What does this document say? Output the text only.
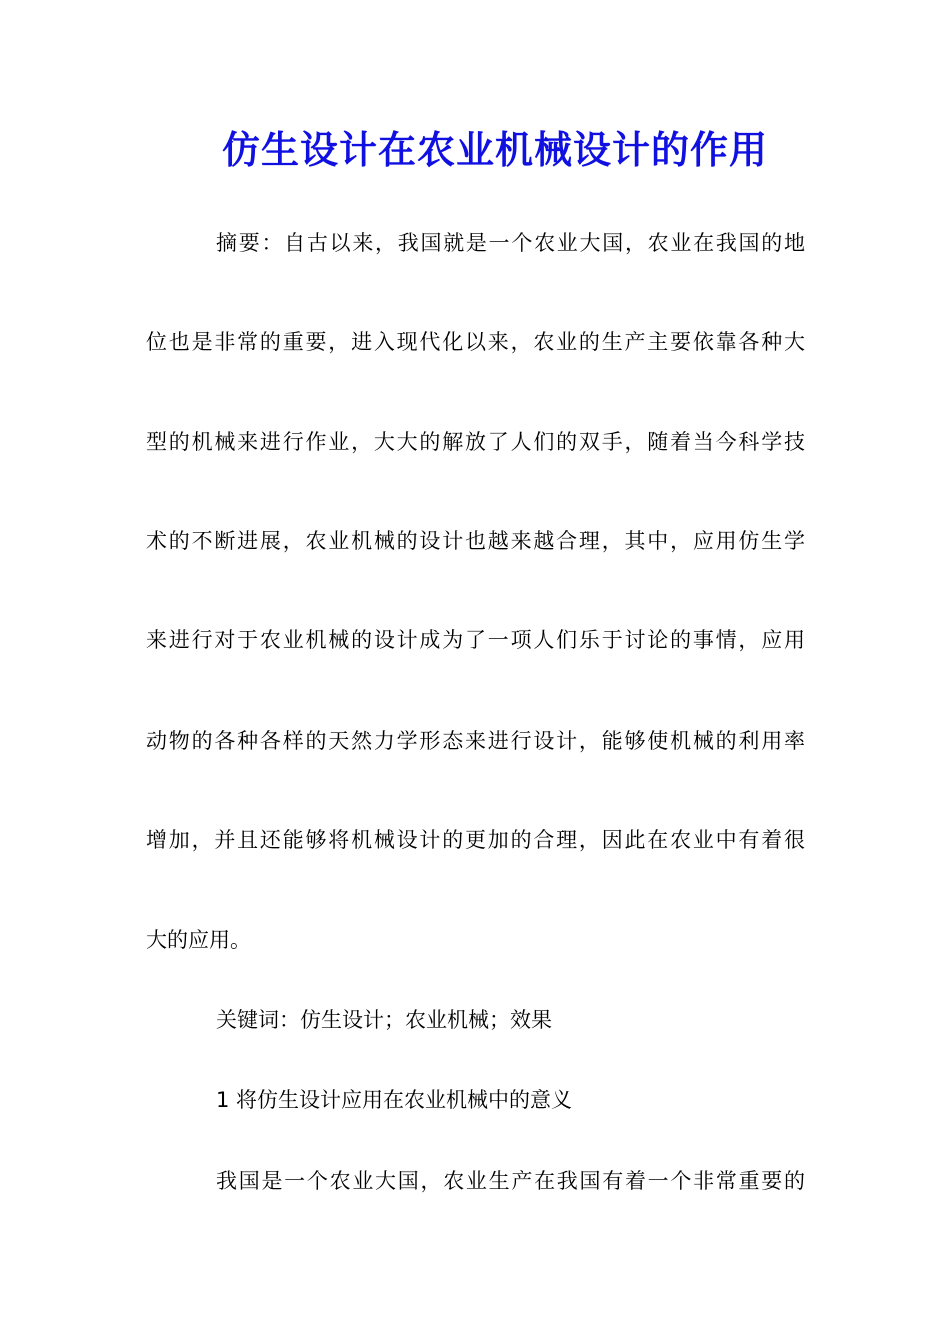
仿生设计在农业机械设计的作用
摘要：自古以来，我国就是一个农业大国，农业在我国的地
位也是非常的重要，进入现代化以来，农业的生产主要依靠各种大
型的机械来进行作业，大大的解放了人们的双手，随着当今科学技
术的不断进展，农业机械的设计也越来越合理，其中，应用仿生学
来进行对于农业机械的设计成为了一项人们乐于讨论的事情，应用
动物的各种各样的天然力学形态来进行设计，能够使机械的利用率
增加，并且还能够将机械设计的更加的合理，因此在农业中有着很
大的应用。
关键词：仿生设计；农业机械；效果
1 将仿生设计应用在农业机械中的意义
我国是一个农业大国，农业生产在我国有着一个非常重要的
